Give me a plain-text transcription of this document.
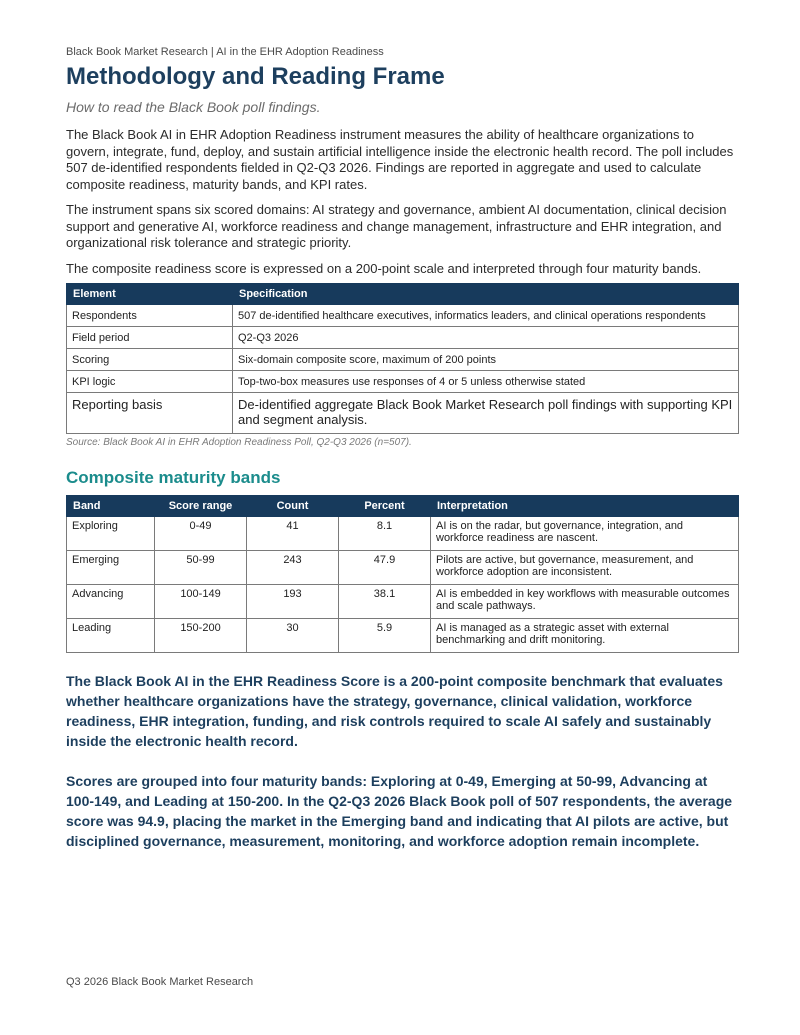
Black Book Market Research | AI in the EHR Adoption Readiness

Methodology and Reading Frame

How to read the Black Book poll findings.

The Black Book AI in EHR Adoption Readiness instrument measures the ability of healthcare organizations to govern, integrate, fund, deploy, and sustain artificial intelligence inside the electronic health record. The poll includes 507 de-identified respondents fielded in Q2-Q3 2026. Findings are reported in aggregate and used to calculate composite readiness, maturity bands, and KPI rates.

The instrument spans six scored domains: AI strategy and governance, ambient AI documentation, clinical decision support and generative AI, workforce readiness and change management, infrastructure and EHR integration, and organizational risk tolerance and strategic priority.

The composite readiness score is expressed on a 200-point scale and interpreted through four maturity bands.

Element	Specification
Respondents	507 de-identified healthcare executives, informatics leaders, and clinical operations respondents
Field period	Q2-Q3 2026
Scoring	Six-domain composite score, maximum of 200 points
KPI logic	Top-two-box measures use responses of 4 or 5 unless otherwise stated
Reporting basis	De-identified aggregate Black Book Market Research poll findings with supporting KPI and segment analysis.

Source: Black Book AI in EHR Adoption Readiness Poll, Q2-Q3 2026 (n=507).

Composite maturity bands
Band	Score range	Count	Percent	Interpretation
Exploring	0-49	41	8.1	AI is on the radar, but governance, integration, and workforce readiness are nascent.
Emerging	50-99	243	47.9	Pilots are active, but governance, measurement, and workforce adoption are inconsistent.
Advancing	100-149	193	38.1	AI is embedded in key workflows with measurable outcomes and scale pathways.
Leading	150-200	30	5.9	AI is managed as a strategic asset with external benchmarking and drift monitoring.

The Black Book AI in the EHR Readiness Score is a 200-point composite benchmark that evaluates whether healthcare organizations have the strategy, governance, clinical validation, workforce readiness, EHR integration, funding, and risk controls required to scale AI safely and sustainably inside the electronic health record.

Scores are grouped into four maturity bands: Exploring at 0-49, Emerging at 50-99, Advancing at 100-149, and Leading at 150-200. In the Q2-Q3 2026 Black Book poll of 507 respondents, the average score was 94.9, placing the market in the Emerging band and indicating that AI pilots are active, but disciplined governance, measurement, monitoring, and workforce adoption remain incomplete.

Q3 2026 Black Book Market Research
